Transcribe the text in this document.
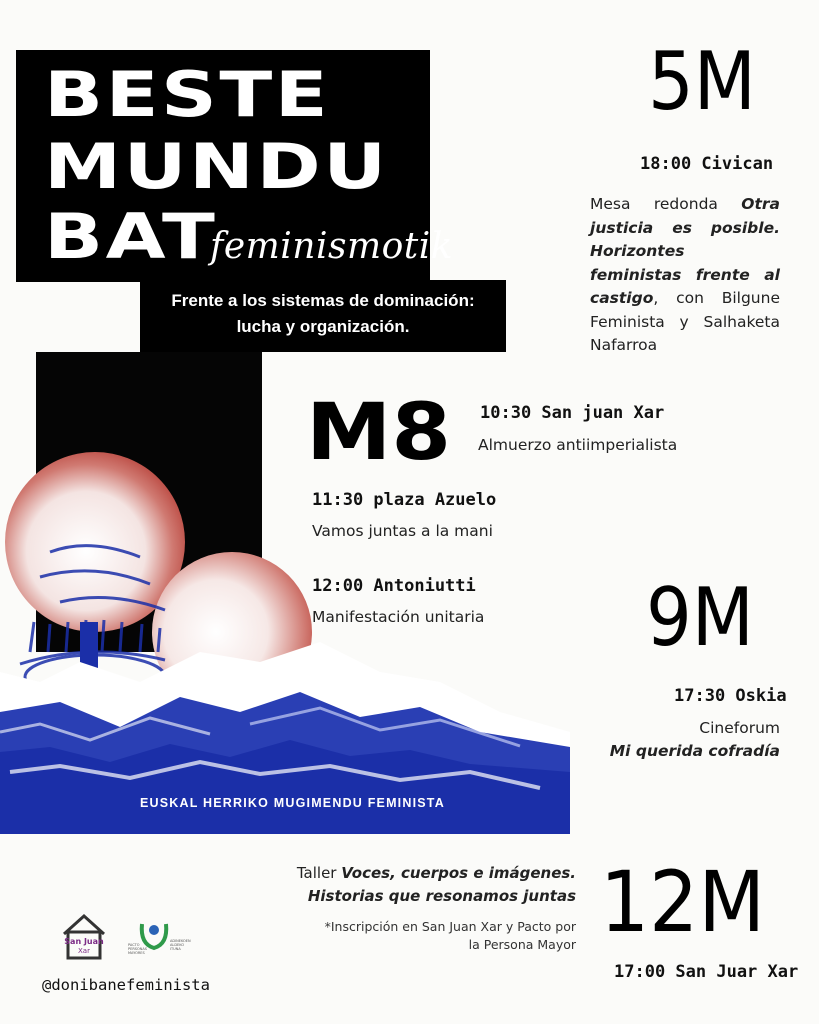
BESTE
MUNDU
BAT
feminismotik
Frente a los sistemas de dominación:
lucha y organización.
EUSKAL HERRIKO MUGIMENDU FEMINISTA
5M
18:00 Civican
Mesa redonda Otra justicia es posible. Horizontes feministas frente al castigo, con Bilgune Feminista y Salhaketa Nafarroa
M8 10:30 San juan Xar
Almuerzo antiimperialista
11:30 plaza Azuelo
Vamos juntas a la mani
12:00 Antoniutti
Manifestación unitaria 9M
17:30 Oskia
Cineforum
Mi querida cofradía
Taller Voces, cuerpos e imágenes.
Historias que resonamos juntas
*Inscripción en San Juan Xar y Pacto por
la Persona Mayor 12M
17:00 San Juar Xar
San Juan
Xar
PACTO
PERSONAS
MAYORES
ADINEKOEN
ALDEKO
ITUNA
@donibanefeminista
